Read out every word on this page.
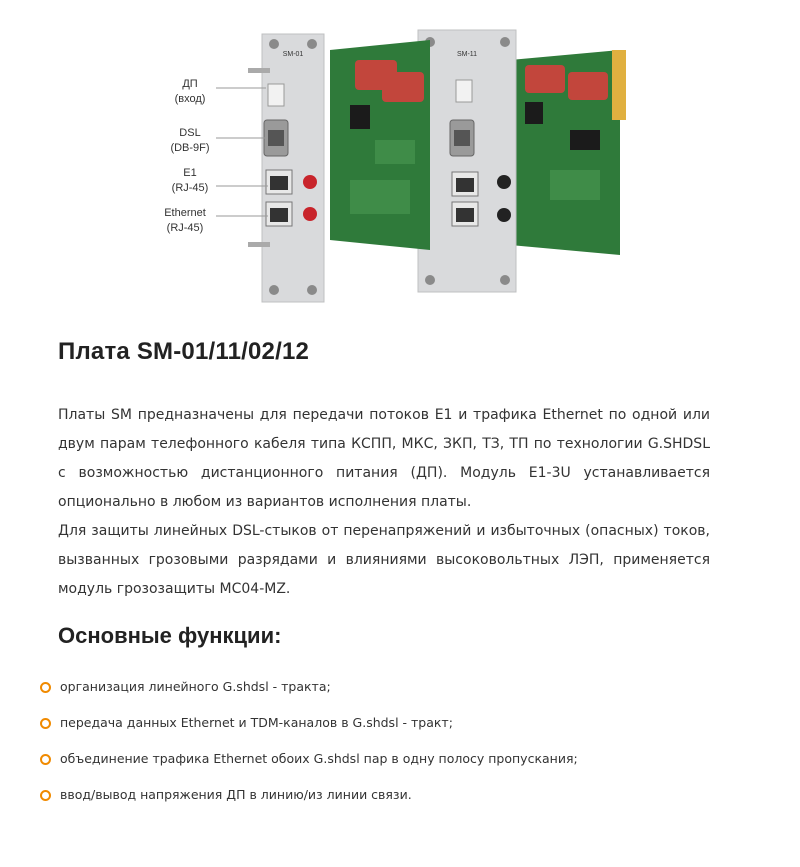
SM-11
SM-01
ДП
(вход)
DSL
(DB-9F)
E1
(RJ-45)
Ethernet
(RJ-45)
Плата SM-01/11/02/12

Платы SM предназначены для передачи потоков E1 и трафика Ethernet по одной или двум парам телефонного кабеля типа КСПП, МКС, ЗКП, ТЗ, ТП по технологии G.SHDSL с возможностью дистанционного питания (ДП). Модуль E1-3U устанавливается опционально в любом из вариантов исполнения платы.

Для защиты линейных DSL-стыков от перенапряжений и избыточных (опасных) токов, вызванных грозовыми разрядами и влияниями высоковольтных ЛЭП, применяется модуль грозозащиты MC04-MZ.

Основные функции:
организация линейного G.shdsl - тракта;
передача данных Ethernet и TDM-каналов в G.shdsl - тракт;
объединение трафика Ethernet обоих G.shdsl пар в одну полосу пропускания;
ввод/вывод напряжения ДП в линию/из линии связи.
